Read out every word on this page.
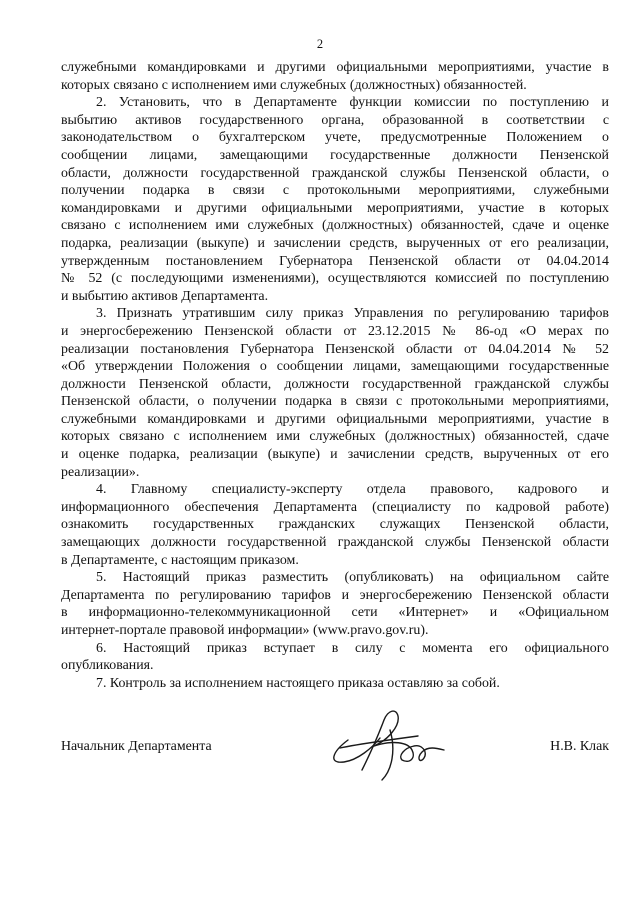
2
служебными командировками и другими официальными мероприятиями, участие в
которых связано с исполнением ими служебных (должностных) обязанностей.
2. Установить, что в Департаменте функции комиссии по поступлению и
выбытию активов государственного органа, образованной в соответствии с
законодательством о бухгалтерском учете, предусмотренные Положением о
сообщении лицами, замещающими государственные должности Пензенской
области, должности государственной гражданской службы Пензенской области, о
получении подарка в связи с протокольными мероприятиями, служебными
командировками и другими официальными мероприятиями, участие в которых
связано с исполнением ими служебных (должностных) обязанностей, сдаче и оценке
подарка, реализации (выкупе) и зачислении средств, вырученных от его реализации,
утвержденным постановлением Губернатора Пензенской области от 04.04.2014
№ 52 (с последующими изменениями), осуществляются комиссией по поступлению
и выбытию активов Департамента.
3. Признать утратившим силу приказ Управления по регулированию тарифов
и энергосбережению Пензенской области от 23.12.2015 № 86-од «О мерах по
реализации постановления Губернатора Пензенской области от 04.04.2014 № 52
«Об утверждении Положения о сообщении лицами, замещающими государственные
должности Пензенской области, должности государственной гражданской службы
Пензенской области, о получении подарка в связи с протокольными мероприятиями,
служебными командировками и другими официальными мероприятиями, участие в
которых связано с исполнением ими служебных (должностных) обязанностей, сдаче
и оценке подарка, реализации (выкупе) и зачислении средств, вырученных от его
реализации».
4. Главному специалисту-эксперту отдела правового, кадрового и
информационного обеспечения Департамента (специалисту по кадровой работе)
ознакомить государственных гражданских служащих Пензенской области,
замещающих должности государственной гражданской службы Пензенской области
в Департаменте, с настоящим приказом.
5. Настоящий приказ разместить (опубликовать) на официальном сайте
Департамента по регулированию тарифов и энергосбережению Пензенской области
в информационно-телекоммуникационной сети «Интернет» и «Официальном
интернет-портале правовой информации» (www.pravo.gov.ru).
6. Настоящий приказ вступает в силу с момента его официального
опубликования.
7. Контроль за исполнением настоящего приказа оставляю за собой.
Начальник Департамента	Н.В. Клак
